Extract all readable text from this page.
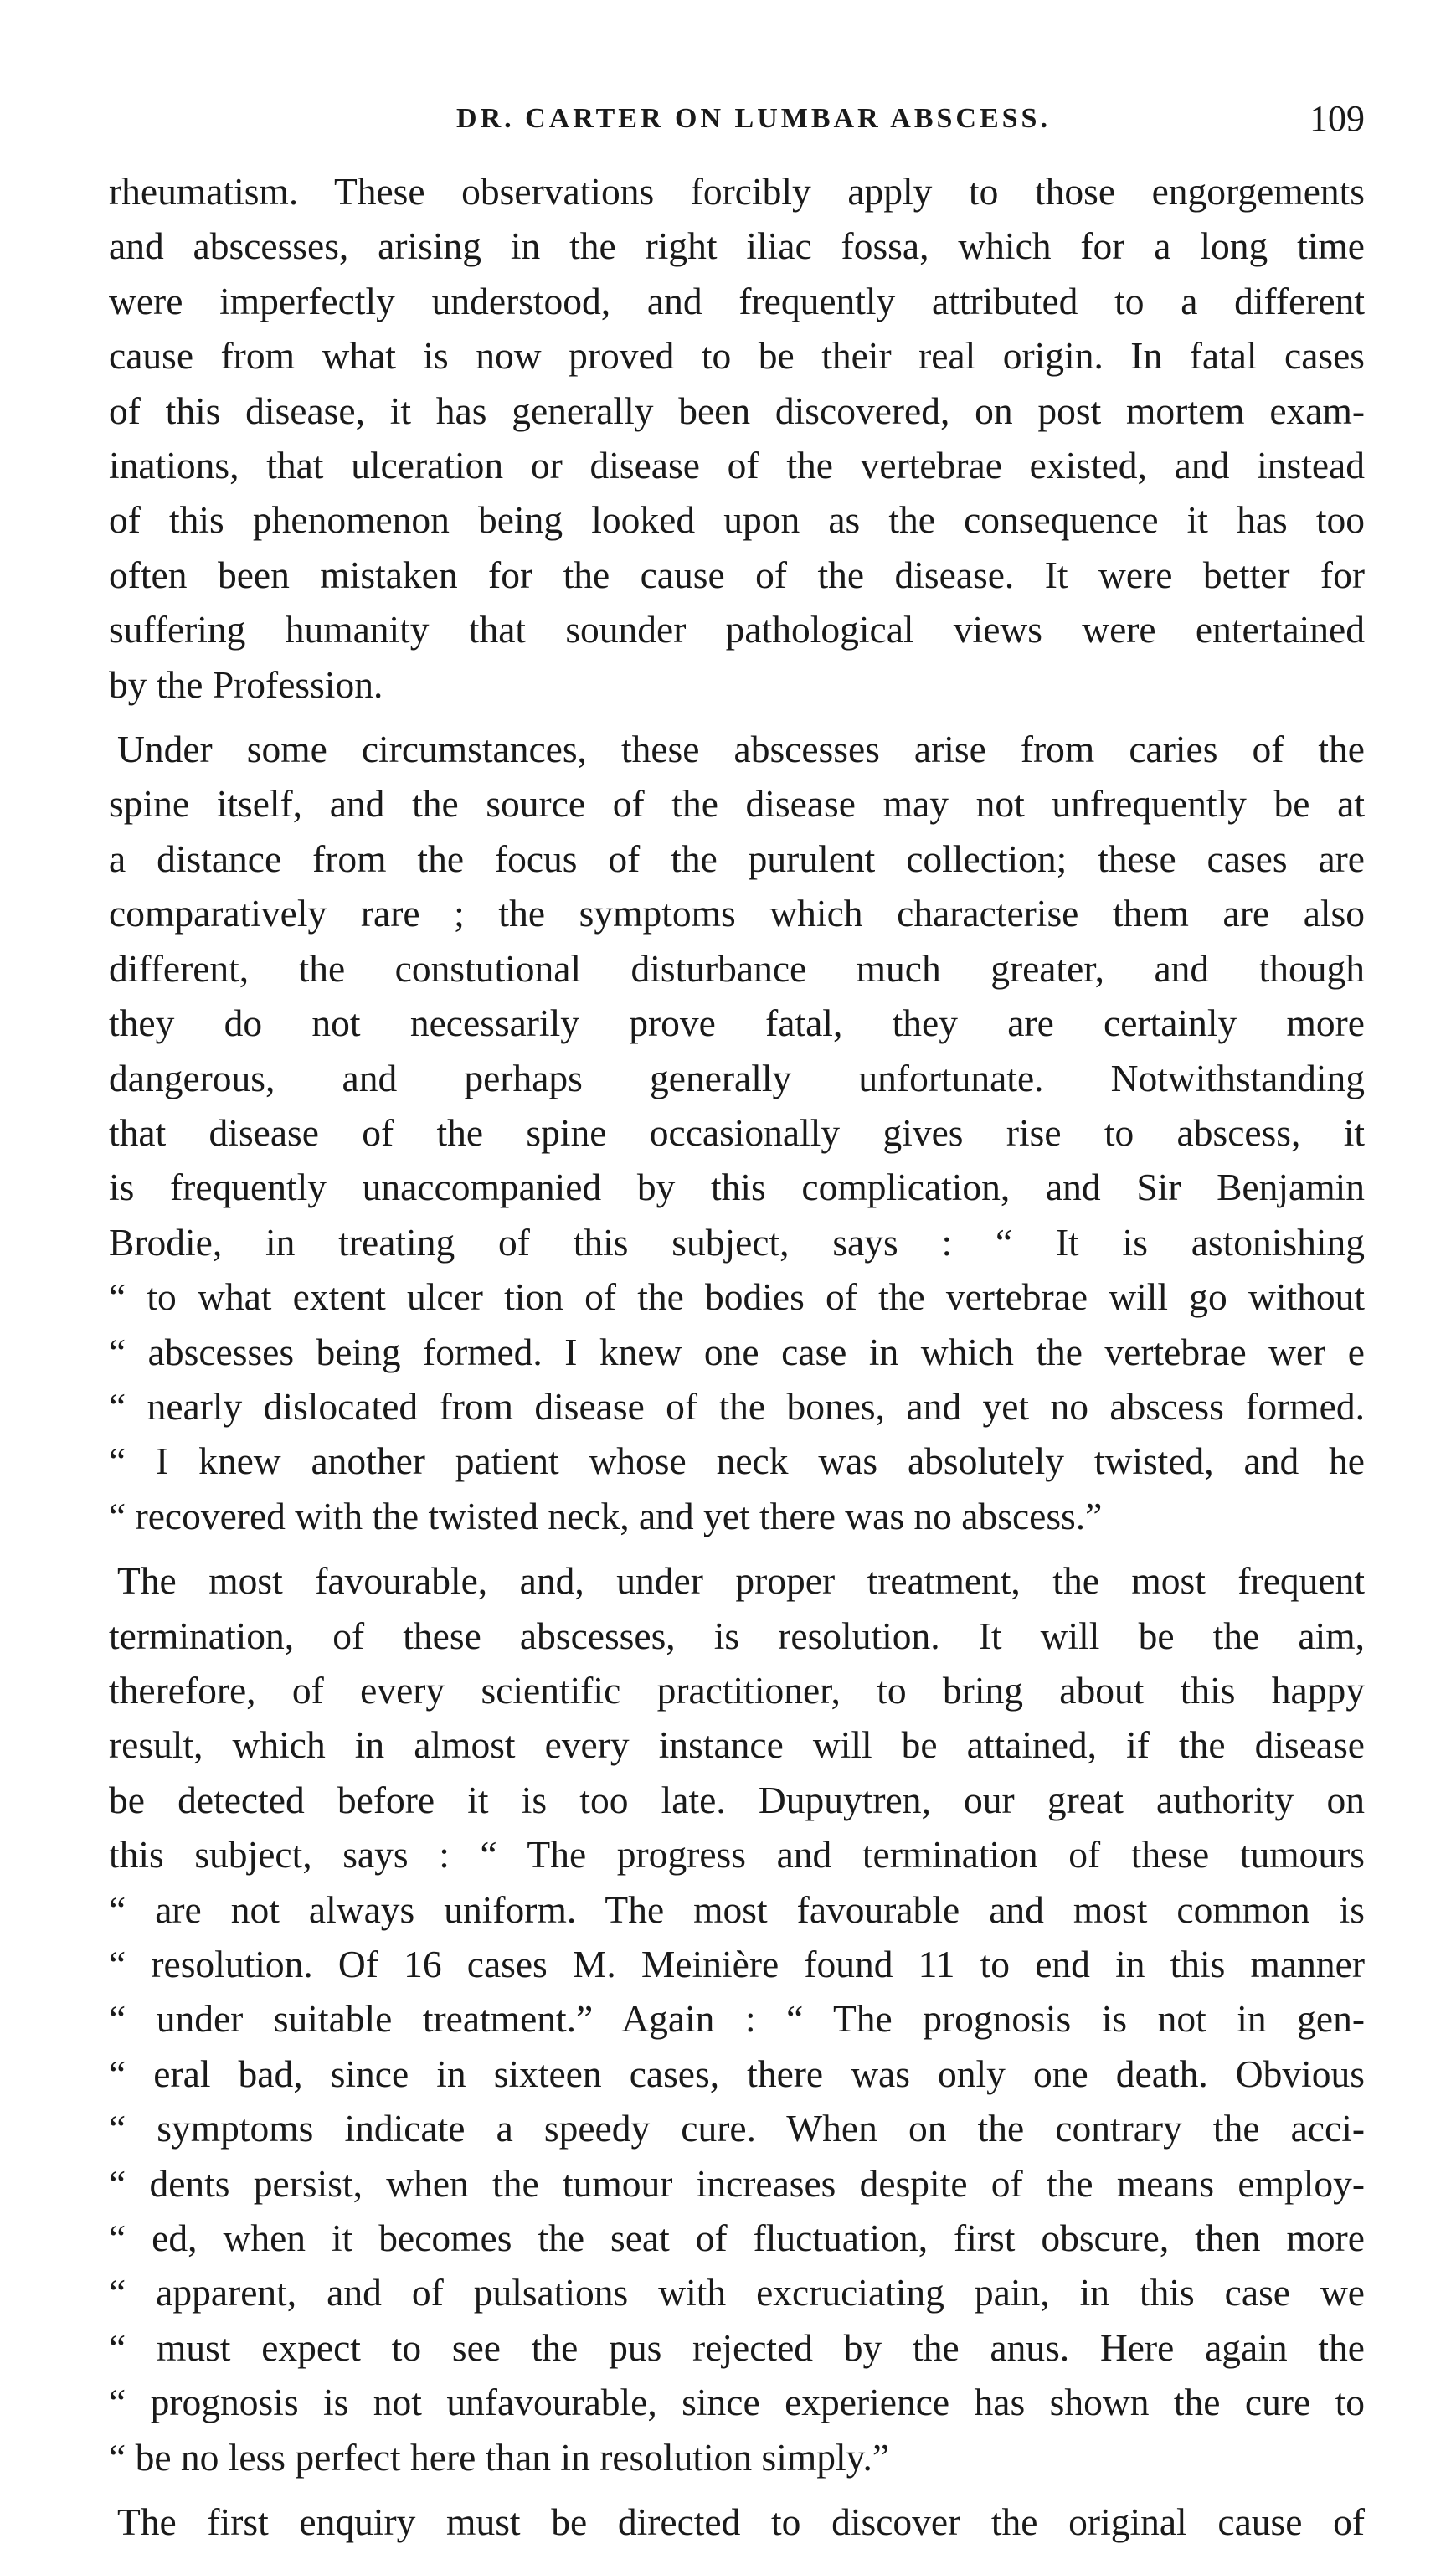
DR. CARTER ON LUMBAR ABSCESS.	109
rheumatism. These observations forcibly apply to those engorgements
and abscesses, arising in the right iliac fossa, which for a long time
were imperfectly understood, and frequently attributed to a different
cause from what is now proved to be their real origin. In fatal cases
of this disease, it has generally been discovered, on post mortem exam-
inations, that ulceration or disease of the vertebrae existed, and instead
of this phenomenon being looked upon as the consequence it has too
often been mistaken for the cause of the disease. It were better for
suffering humanity that sounder pathological views were entertained
by the Profession.
Under some circumstances, these abscesses arise from caries of the
spine itself, and the source of the disease may not unfrequently be at
a distance from the focus of the purulent collection; these cases are
comparatively rare ; the symptoms which characterise them are also
different, the constutional disturbance much greater, and though
they do not necessarily prove fatal, they are certainly more
dangerous, and perhaps generally unfortunate. Notwithstanding
that disease of the spine occasionally gives rise to abscess, it
is frequently unaccompanied by this complication, and Sir Benjamin
Brodie, in treating of this subject, says : “ It is astonishing
“ to what extent ulcer tion of the bodies of the vertebrae will go without
“ abscesses being formed. I knew one case in which the vertebrae wer e
“ nearly dislocated from disease of the bones, and yet no abscess formed.
“ I knew another patient whose neck was absolutely twisted, and he
“ recovered with the twisted neck, and yet there was no abscess.”
The most favourable, and, under proper treatment, the most frequent
termination, of these abscesses, is resolution. It will be the aim,
therefore, of every scientific practitioner, to bring about this happy
result, which in almost every instance will be attained, if the disease
be detected before it is too late. Dupuytren, our great authority on
this subject, says : “ The progress and termination of these tumours
“ are not always uniform. The most favourable and most common is
“ resolution. Of 16 cases M. Meinière found 11 to end in this manner
“ under suitable treatment.” Again : “ The prognosis is not in gen-
“ eral bad, since in sixteen cases, there was only one death. Obvious
“ symptoms indicate a speedy cure. When on the contrary the acci-
“ dents persist, when the tumour increases despite of the means employ-
“ ed, when it becomes the seat of fluctuation, first obscure, then more
“ apparent, and of pulsations with excruciating pain, in this case we
“ must expect to see the pus rejected by the anus. Here again the
“ prognosis is not unfavourable, since experience has shown the cure to
“ be no less perfect here than in resolution simply.”
The first enquiry must be directed to discover the original cause of
